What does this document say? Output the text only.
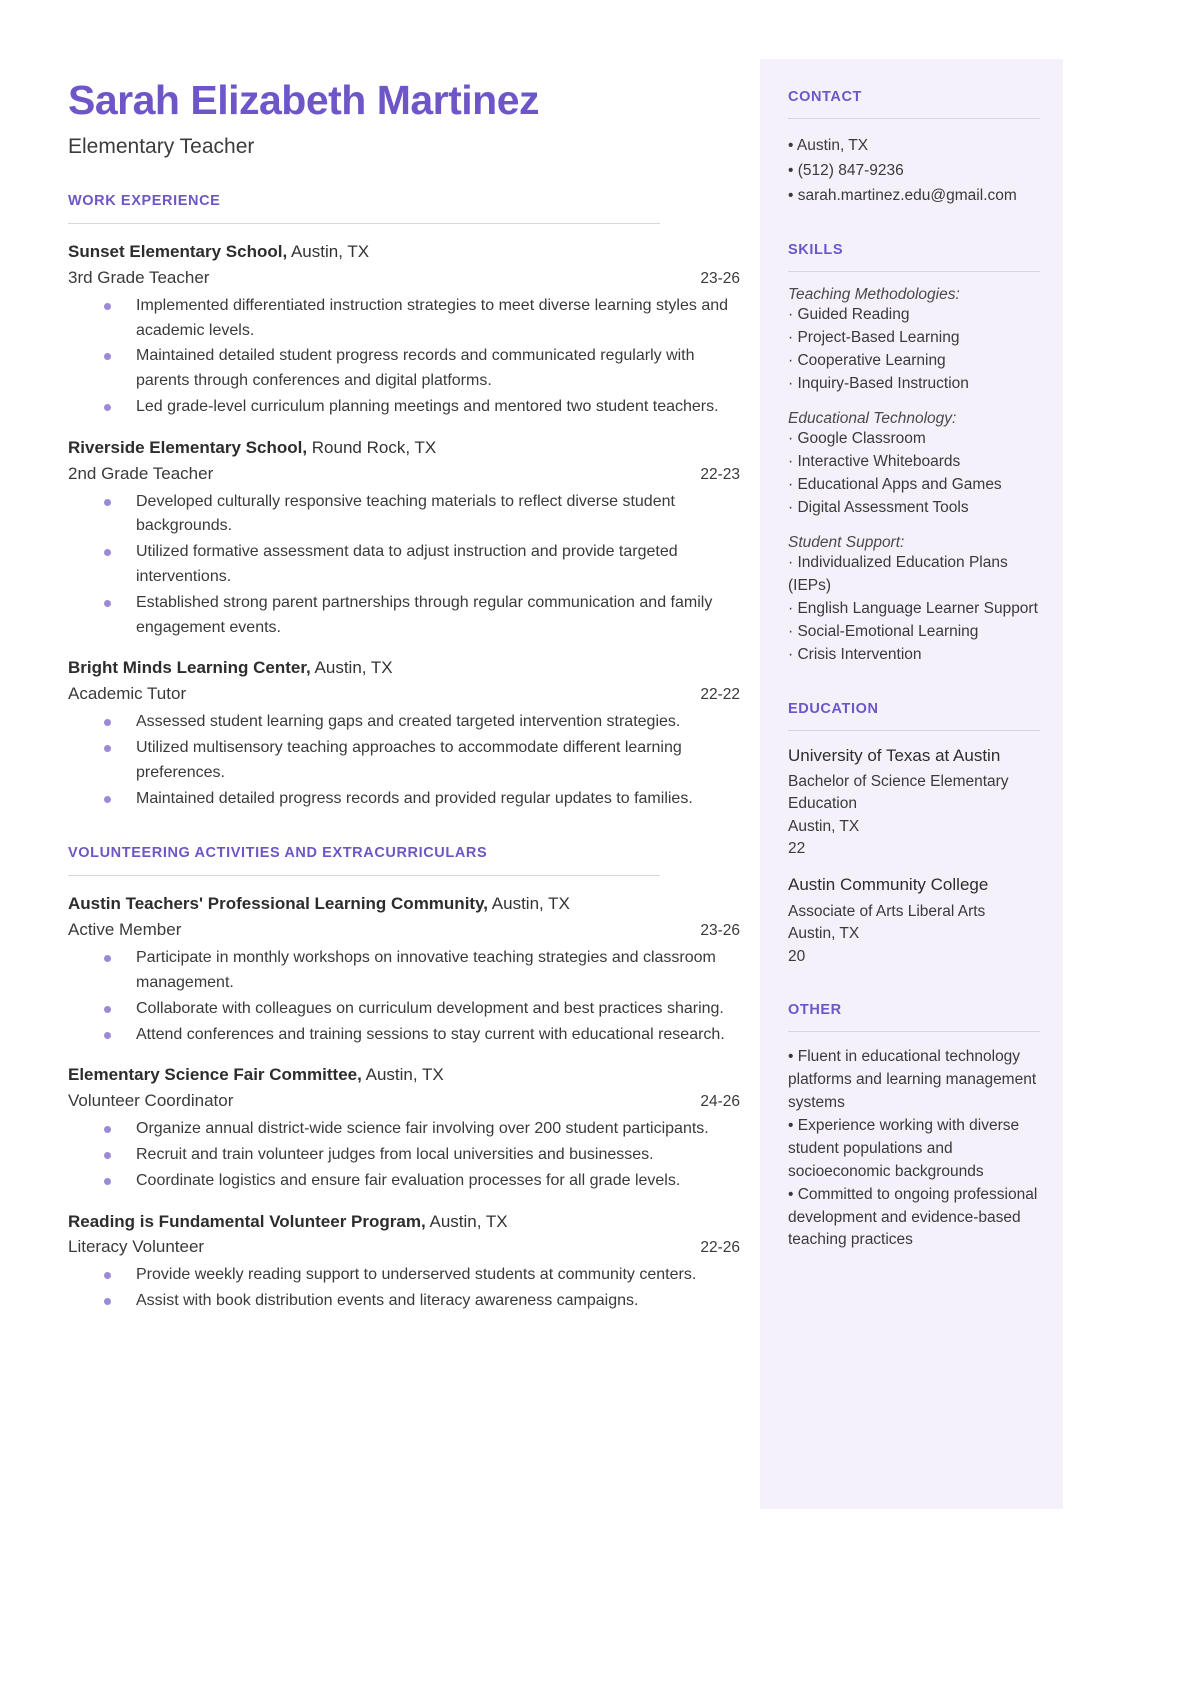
CONTACT
• Austin, TX
• (512) 847-9236
• sarah.martinez.edu@gmail.com
SKILLS
Teaching Methodologies:
· Guided Reading
· Project-Based Learning
· Cooperative Learning
· Inquiry-Based Instruction
Educational Technology:
· Google Classroom
· Interactive Whiteboards
· Educational Apps and Games
· Digital Assessment Tools
Student Support:
· Individualized Education Plans (IEPs)
· English Language Learner Support
· Social-Emotional Learning
· Crisis Intervention
EDUCATION
University of Texas at Austin
Bachelor of Science Elementary Education
Austin, TX
22
Austin Community College
Associate of Arts Liberal Arts
Austin, TX
20
OTHER
• Fluent in educational technology platforms and learning management systems
• Experience working with diverse student populations and socioeconomic backgrounds
• Committed to ongoing professional development and evidence-based teaching practices
Sarah Elizabeth Martinez
Elementary Teacher
WORK EXPERIENCE
Sunset Elementary School, Austin, TX
3rd Grade Teacher	23-26
Implemented differentiated instruction strategies to meet diverse learning styles and academic levels.
Maintained detailed student progress records and communicated regularly with parents through conferences and digital platforms.
Led grade-level curriculum planning meetings and mentored two student teachers.
Riverside Elementary School, Round Rock, TX
2nd Grade Teacher	22-23
Developed culturally responsive teaching materials to reflect diverse student backgrounds.
Utilized formative assessment data to adjust instruction and provide targeted interventions.
Established strong parent partnerships through regular communication and family engagement events.
Bright Minds Learning Center, Austin, TX
Academic Tutor	22-22
Assessed student learning gaps and created targeted intervention strategies.
Utilized multisensory teaching approaches to accommodate different learning preferences.
Maintained detailed progress records and provided regular updates to families.
VOLUNTEERING ACTIVITIES AND EXTRACURRICULARS
Austin Teachers' Professional Learning Community, Austin, TX
Active Member	23-26
Participate in monthly workshops on innovative teaching strategies and classroom management.
Collaborate with colleagues on curriculum development and best practices sharing.
Attend conferences and training sessions to stay current with educational research.
Elementary Science Fair Committee, Austin, TX
Volunteer Coordinator	24-26
Organize annual district-wide science fair involving over 200 student participants.
Recruit and train volunteer judges from local universities and businesses.
Coordinate logistics and ensure fair evaluation processes for all grade levels.
Reading is Fundamental Volunteer Program, Austin, TX
Literacy Volunteer	22-26
Provide weekly reading support to underserved students at community centers.
Assist with book distribution events and literacy awareness campaigns.
